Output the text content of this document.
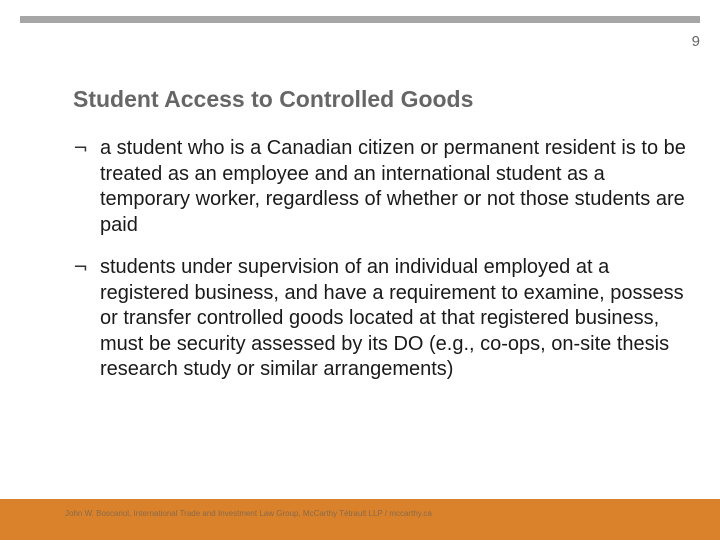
9
Student Access to Controlled Goods
¬ a student who is a Canadian citizen or permanent resident is to be treated as an employee and an international student as a temporary worker, regardless of whether or not those students are paid
¬ students under supervision of an individual employed at a registered business, and have a requirement to examine, possess or transfer controlled goods located at that registered business, must be security assessed by its DO (e.g., co-ops, on-site thesis research study or similar arrangements)
John W. Boscariol, International Trade and Investment Law Group, McCarthy Tétrault LLP / mccarthy.ca
